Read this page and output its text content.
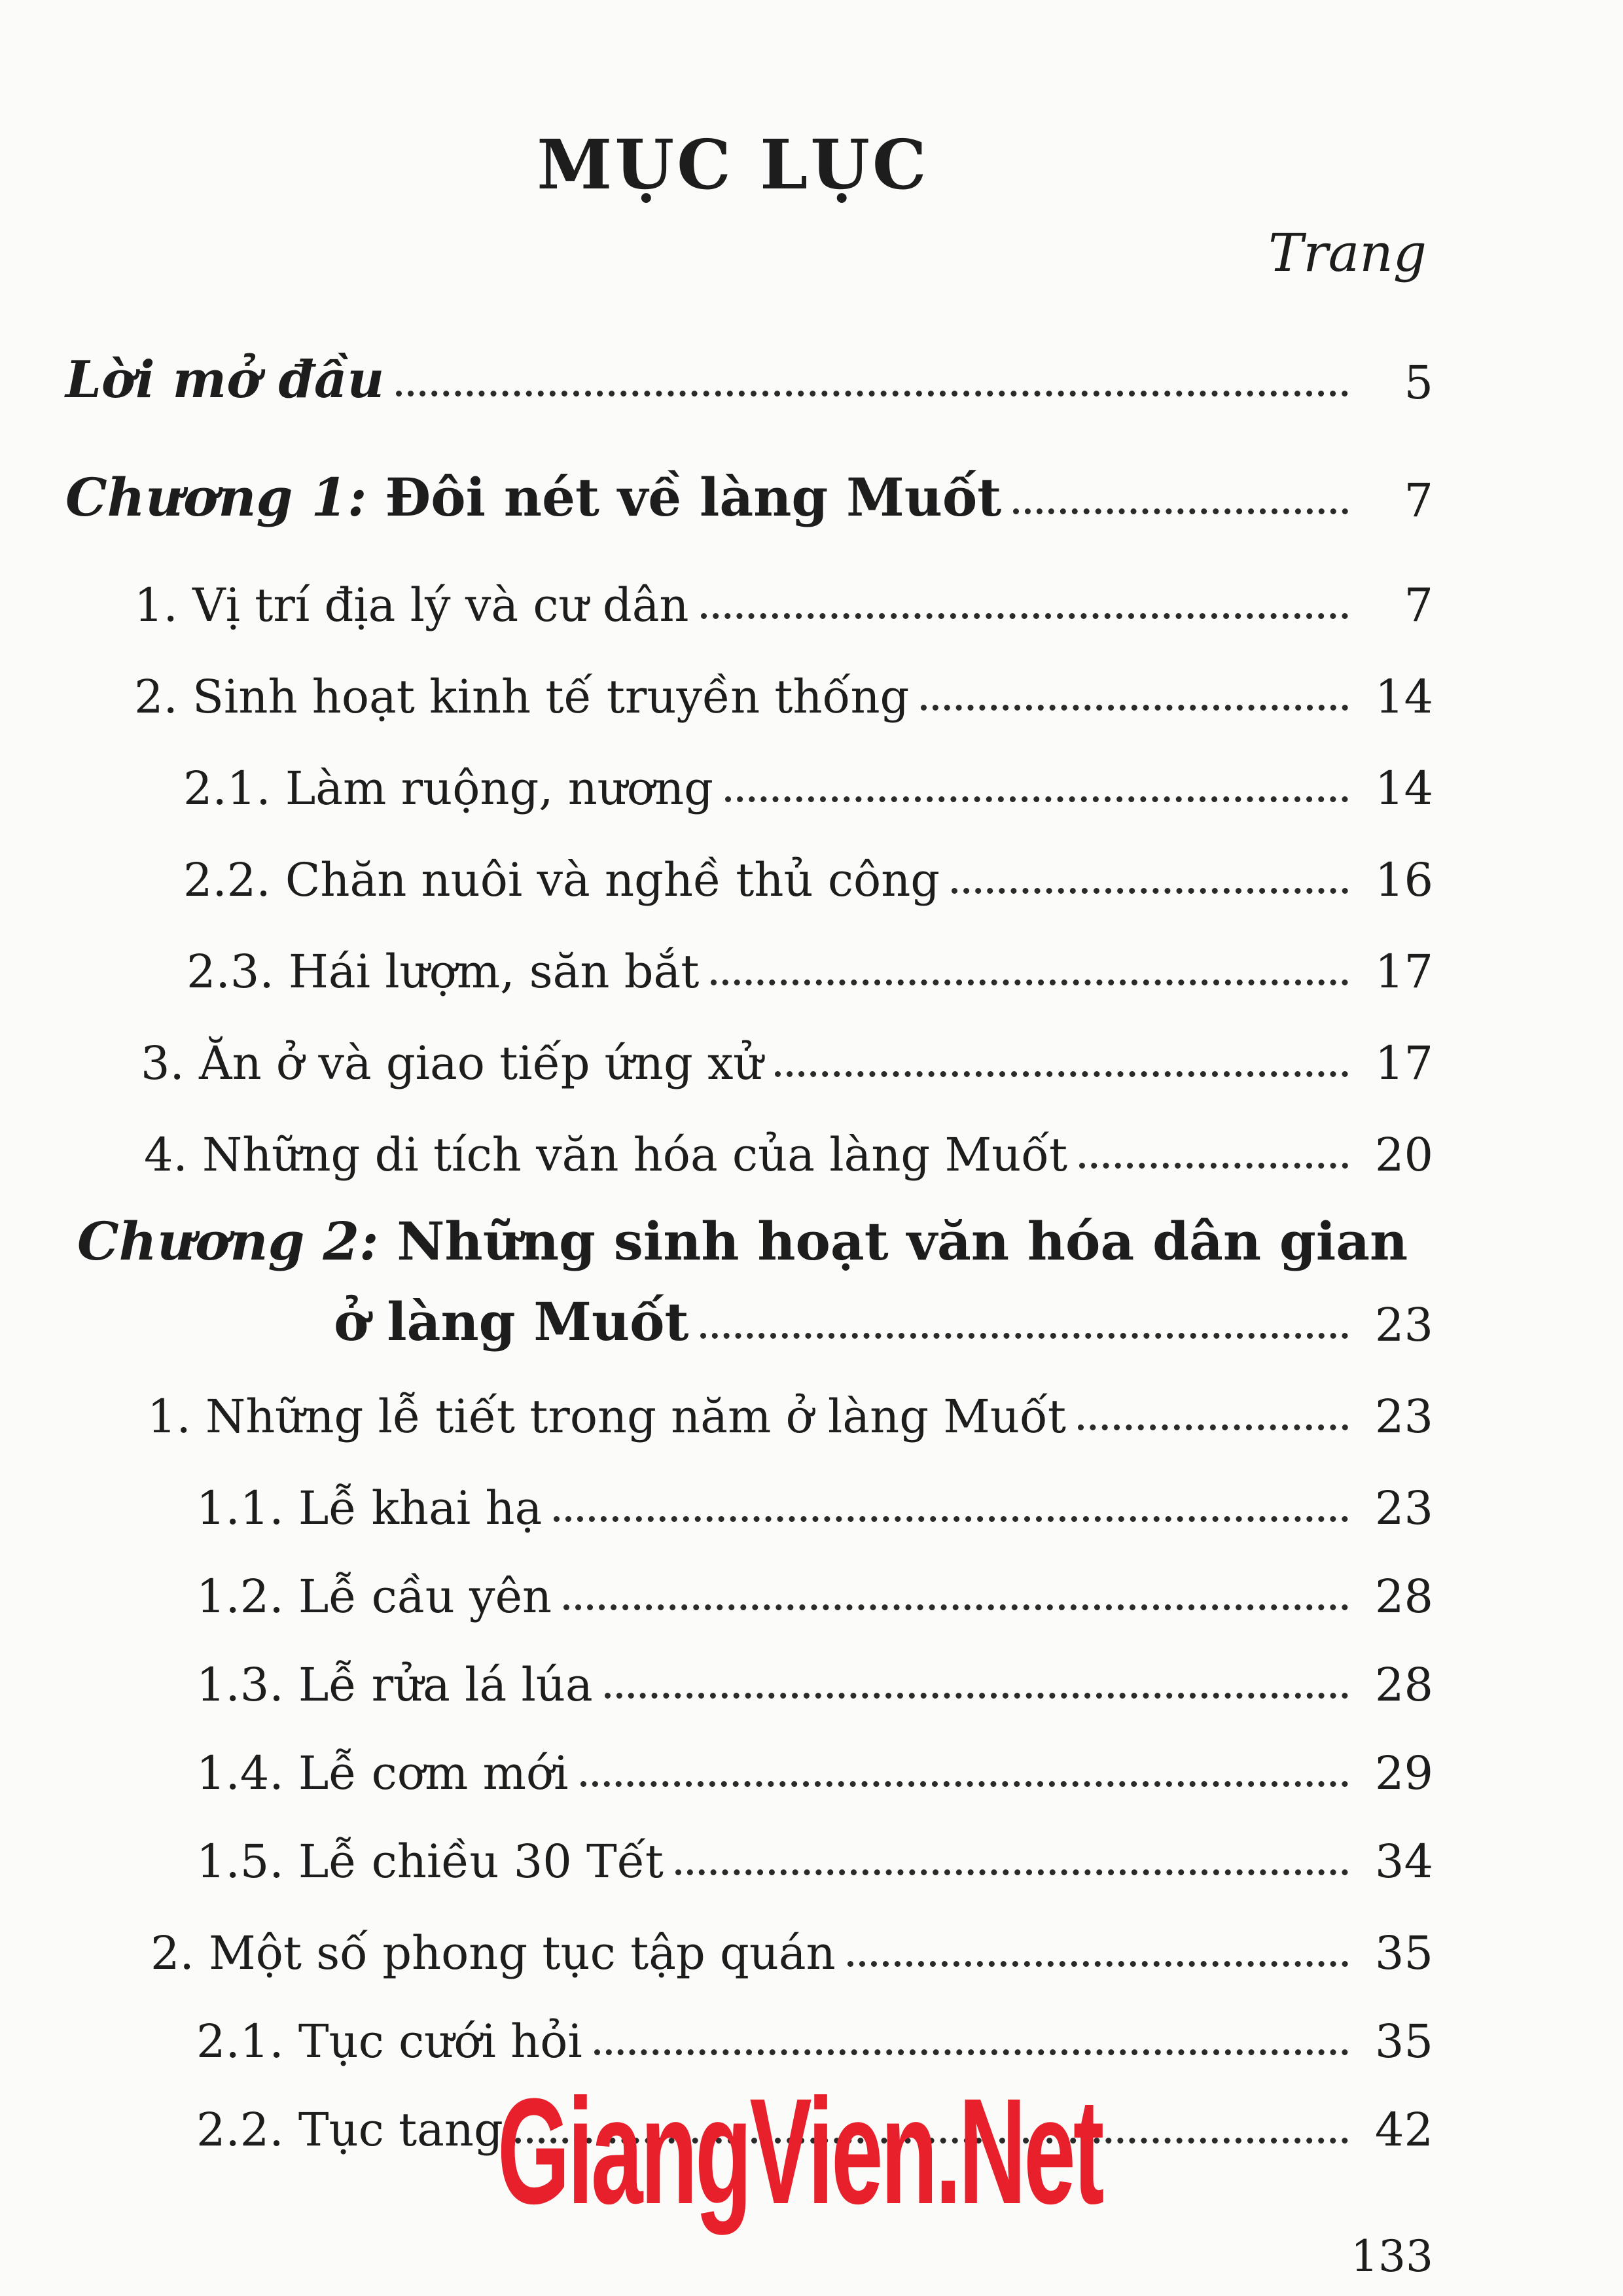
MỤC LỤC
Trang
Lời mở đầu	5
Chương 1: Đôi nét về làng Muốt	7
1. Vị trí địa lý và cư dân	7
2. Sinh hoạt kinh tế truyền thống	14
2.1. Làm ruộng, nương	14
2.2. Chăn nuôi và nghề thủ công	16
2.3. Hái lượm, săn bắt	17
3. Ăn ở và giao tiếp ứng xử	17
4. Những di tích văn hóa của làng Muốt	20
Chương 2: Những sinh hoạt văn hóa dân gian
ở làng Muốt	23
1. Những lễ tiết trong năm ở làng Muốt	23
1.1. Lễ khai hạ	23
1.2. Lễ cầu yên	28
1.3. Lễ rửa lá lúa	28
1.4. Lễ cơm mới	29
1.5. Lễ chiều 30 Tết	34
2. Một số phong tục tập quán	35
2.1. Tục cưới hỏi	35
2.2. Tục tang	42
GiangVien.Net
133
